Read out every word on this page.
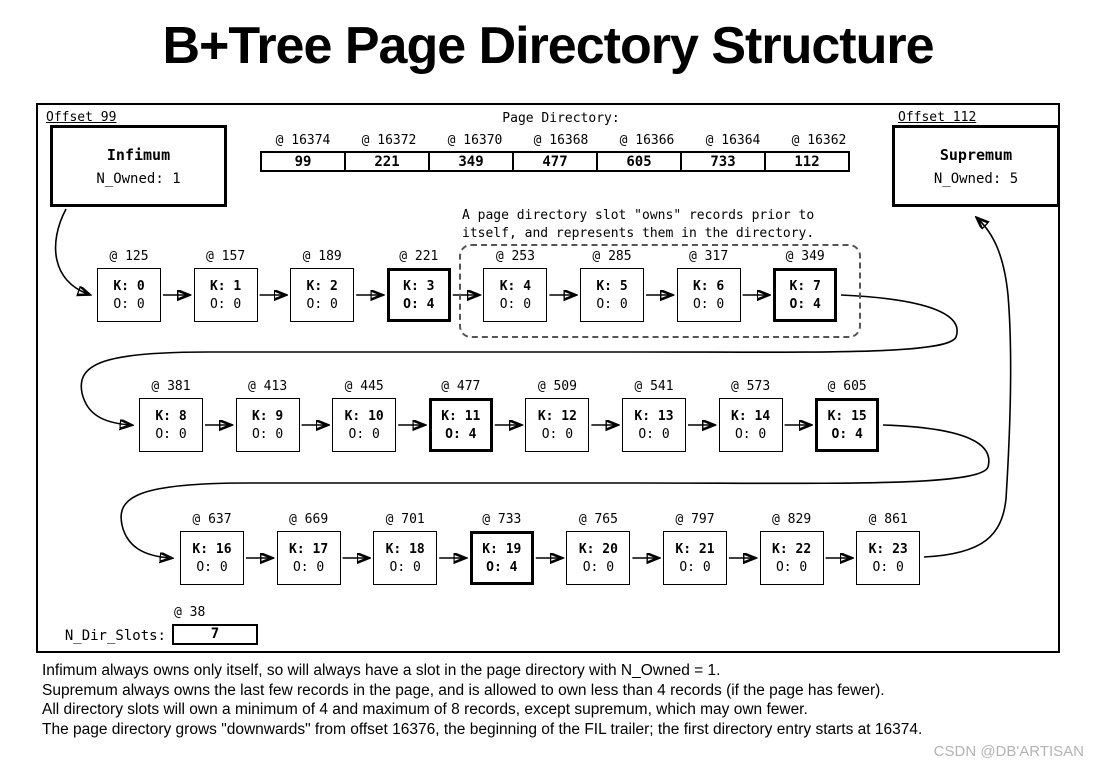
B+Tree Page Directory Structure
Offset 99
Infimum
N_Owned: 1
Page Directory:
@ 16374	@ 16372	@ 16370	@ 16368	@ 16366	@ 16364	@ 16362
99	221	349	477	605	733	112
Offset 112
Supremum
N_Owned: 5
A page directory slot "owns" records prior to
itself, and represents them in the directory.
@ 38
N_Dir_Slots:	7
@ 125
K: 0
O: 0
@ 157
K: 1
O: 0
@ 189
K: 2
O: 0
@ 221
K: 3
O: 4
@ 253
K: 4
O: 0
@ 285
K: 5
O: 0
@ 317
K: 6
O: 0
@ 349
K: 7
O: 4
@ 381
K: 8
O: 0
@ 413
K: 9
O: 0
@ 445
K: 10
O: 0
@ 477
K: 11
O: 4
@ 509
K: 12
O: 0
@ 541
K: 13
O: 0
@ 573
K: 14
O: 0
@ 605
K: 15
O: 4
@ 637
K: 16
O: 0
@ 669
K: 17
O: 0
@ 701
K: 18
O: 0
@ 733
K: 19
O: 4
@ 765
K: 20
O: 0
@ 797
K: 21
O: 0
@ 829
K: 22
O: 0
@ 861
K: 23
O: 0
Infimum always owns only itself, so will always have a slot in the page directory with N_Owned = 1.
Supremum always owns the last few records in the page, and is allowed to own less than 4 records (if the page has fewer).
All directory slots will own a minimum of 4 and maximum of 8 records, except supremum, which may own fewer.
The page directory grows "downwards" from offset 16376, the beginning of the FIL trailer; the first directory entry starts at 16374.
CSDN @DB'ARTISAN
